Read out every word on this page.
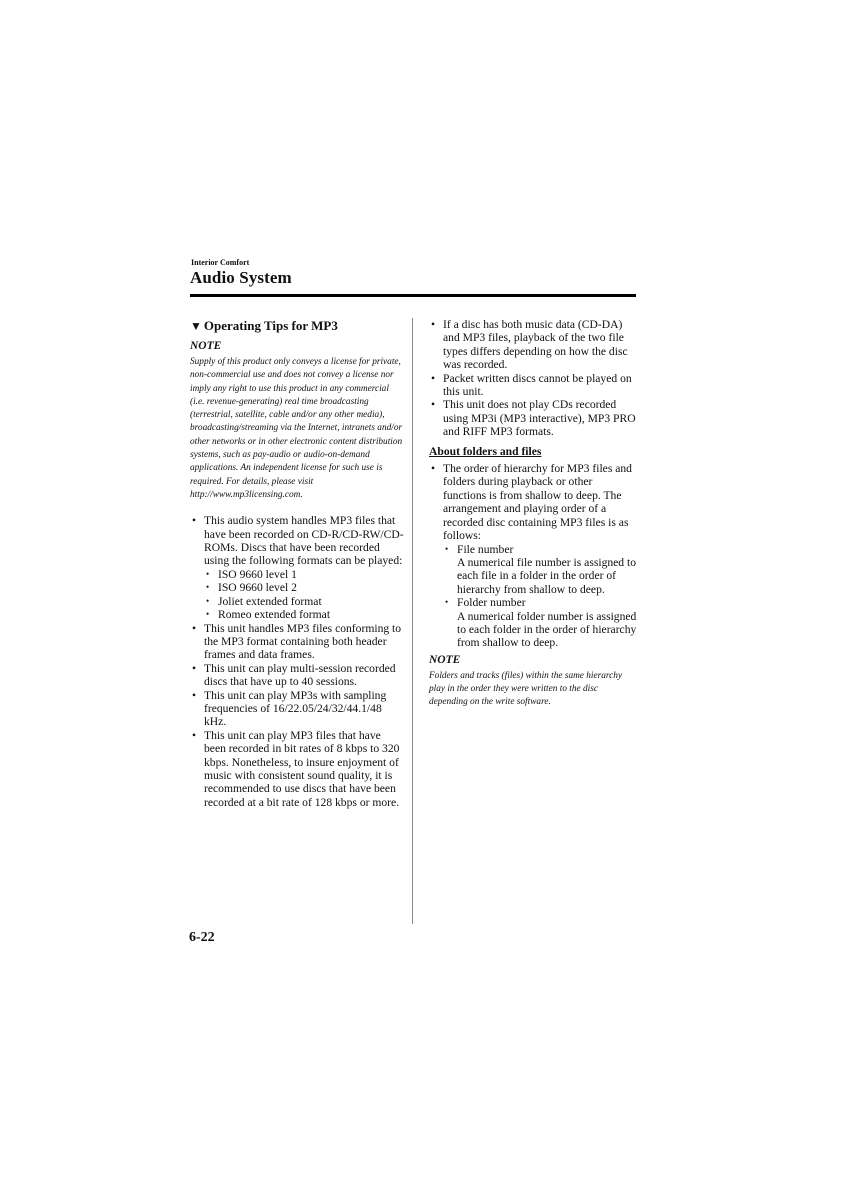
Interior Comfort
Audio System
▼ Operating Tips for MP3
NOTE
Supply of this product only conveys a license for private, non-commercial use and does not convey a license nor imply any right to use this product in any commercial (i.e. revenue-generating) real time broadcasting (terrestrial, satellite, cable and/or any other media), broadcasting/streaming via the Internet, intranets and/or other networks or in other electronic content distribution systems, such as pay-audio or audio-on-demand applications. An independent license for such use is required. For details, please visit http://www.mp3licensing.com.
• This audio system handles MP3 files that have been recorded on CD-R/CD-RW/CD-ROMs. Discs that have been recorded using the following formats can be played:
• ISO 9660 level 1
• ISO 9660 level 2
• Joliet extended format
• Romeo extended format
• This unit handles MP3 files conforming to the MP3 format containing both header frames and data frames.
• This unit can play multi-session recorded discs that have up to 40 sessions.
• This unit can play MP3s with sampling frequencies of 16/22.05/24/32/44.1/48 kHz.
• This unit can play MP3 files that have been recorded in bit rates of 8 kbps to 320 kbps. Nonetheless, to insure enjoyment of music with consistent sound quality, it is recommended to use discs that have been recorded at a bit rate of 128 kbps or more.
• If a disc has both music data (CD-DA) and MP3 files, playback of the two file types differs depending on how the disc was recorded.
• Packet written discs cannot be played on this unit.
• This unit does not play CDs recorded using MP3i (MP3 interactive), MP3 PRO and RIFF MP3 formats.
About folders and files
• The order of hierarchy for MP3 files and folders during playback or other functions is from shallow to deep. The arrangement and playing order of a recorded disc containing MP3 files is as follows:
• File number
A numerical file number is assigned to each file in a folder in the order of hierarchy from shallow to deep.
• Folder number
A numerical folder number is assigned to each folder in the order of hierarchy from shallow to deep.
NOTE
Folders and tracks (files) within the same hierarchy play in the order they were written to the disc depending on the write software.
6-22
